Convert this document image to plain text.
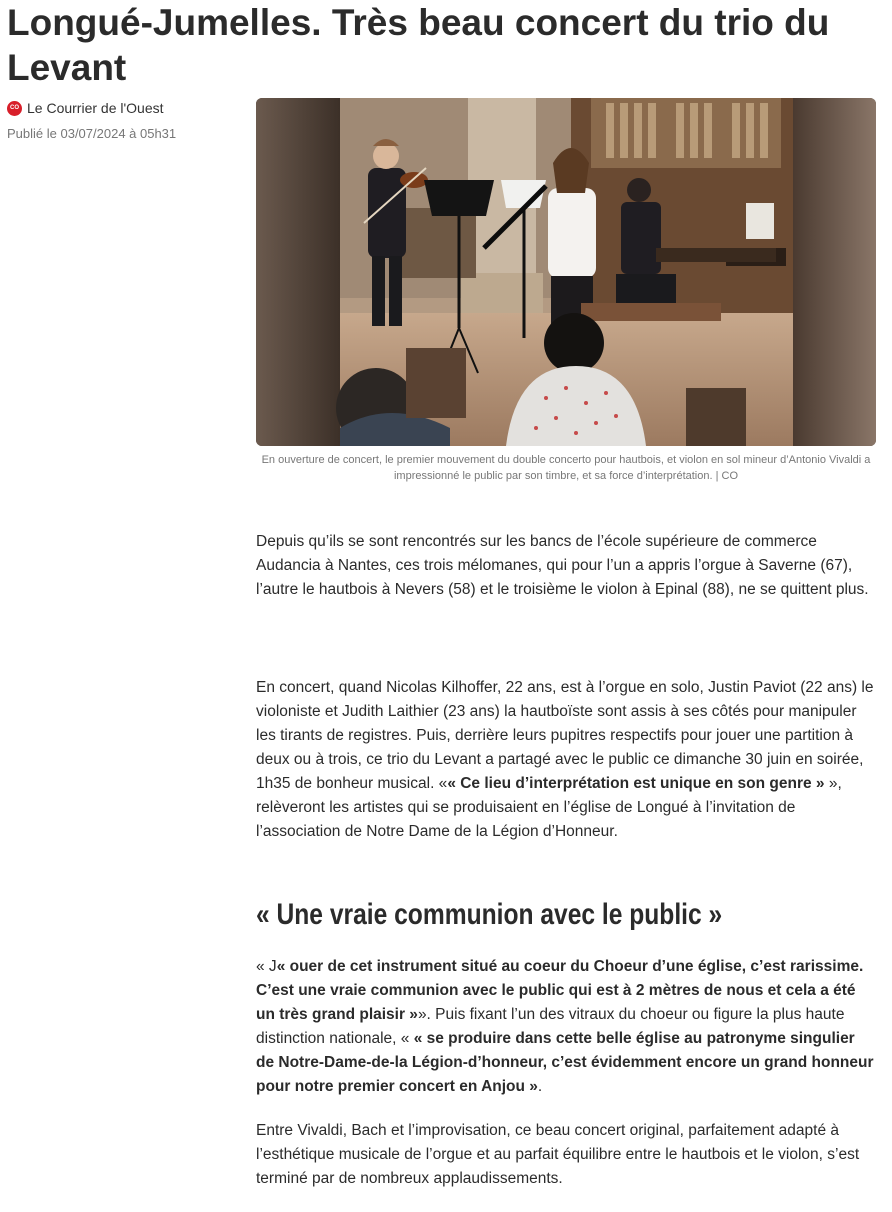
Longué-Jumelles. Très beau concert du trio du Levant
CO Le Courrier de l'Ouest
Publié le 03/07/2024 à 05h31
En ouverture de concert, le premier mouvement du double concerto pour hautbois, et violon en sol mineur d’Antonio Vivaldi a impressionné le public par son timbre, et sa force d’interprétation. | CO

Depuis qu’ils se sont rencontrés sur les bancs de l’école supérieure de commerce Audancia à Nantes, ces trois mélomanes, qui pour l’un a appris l’orgue à Saverne (67), l’autre le hautbois à Nevers (58) et le troisième le violon à Epinal (88), ne se quittent plus.

En concert, quand Nicolas Kilhoffer, 22 ans, est à l’orgue en solo, Justin Paviot (22 ans) le violoniste et Judith Laithier (23 ans) la hautboïste sont assis à ses côtés pour manipuler les tirants de registres. Puis, derrière leurs pupitres respectifs pour jouer une partition à deux ou à trois, ce trio du Levant a partagé avec le public ce dimanche 30 juin en soirée, 1h35 de bonheur musical. «« Ce lieu d’interprétation est unique en son genre » », relèveront les artistes qui se produisaient en l’église de Longué à l’invitation de l’association de Notre Dame de la Légion d’Honneur.

« Une vraie communion avec le public »

« J« ouer de cet instrument situé au coeur du Choeur d’une église, c’est rarissime. C’est une vraie communion avec le public qui est à 2 mètres de nous et cela a été un très grand plaisir »». Puis fixant l’un des vitraux du choeur ou figure la plus haute distinction nationale, « « se produire dans cette belle église au patronyme singulier de Notre-Dame-de-la Légion-d’honneur, c’est évidemment encore un grand honneur pour notre premier concert en Anjou ».

Entre Vivaldi, Bach et l’improvisation, ce beau concert original, parfaitement adapté à l’esthétique musicale de l’orgue et au parfait équilibre entre le hautbois et le violon, s’est terminé par de nombreux applaudissements.
